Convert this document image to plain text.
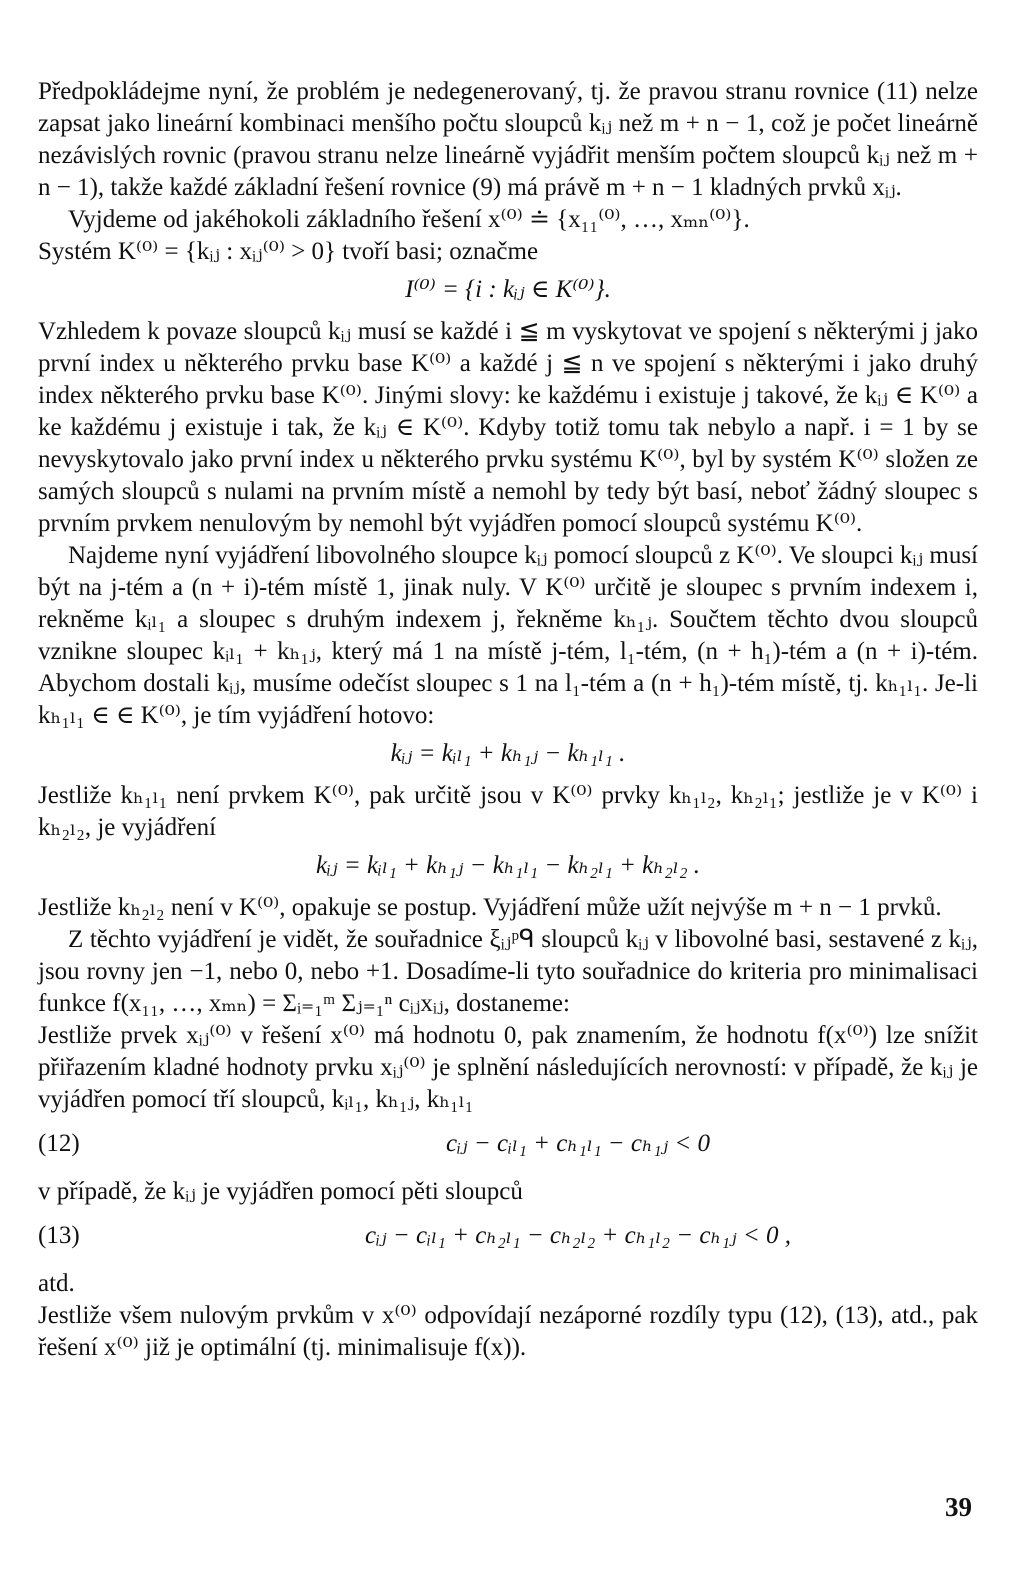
Předpokládejme nyní, že problém je nedegenerovaný, tj. že pravou stranu rovnice (11) nelze zapsat jako lineární kombinaci menšího počtu sloupců kᵢⱼ než m + n − 1, což je počet lineárně nezávislých rovnic (pravou stranu nelze lineárně vyjádřit menším počtem sloupců kᵢⱼ než m + n − 1), takže každé základní řešení rovnice (9) má právě m + n − 1 kladných prvků xᵢⱼ.

Vyjdeme od jakéhokoli základního řešení x⁽⁰⁾ ≐ {x₁₁⁽⁰⁾, …, xₘₙ⁽⁰⁾}.

Systém K⁽⁰⁾ = {kᵢⱼ : xᵢⱼ⁽⁰⁾ > 0} tvoří basi; označme

I⁽⁰⁾ = {i : kᵢⱼ ∈ K⁽⁰⁾}.

Vzhledem k povaze sloupců kᵢⱼ musí se každé i ≦ m vyskytovat ve spojení s některými j jako první index u některého prvku base K⁽⁰⁾ a každé j ≦ n ve spojení s některými i jako druhý index některého prvku base K⁽⁰⁾. Jinými slovy: ke každému i existuje j takové, že kᵢⱼ ∈ K⁽⁰⁾ a ke každému j existuje i tak, že kᵢⱼ ∈ K⁽⁰⁾. Kdyby totiž tomu tak nebylo a např. i = 1 by se nevyskytovalo jako první index u některého prvku systému K⁽⁰⁾, byl by systém K⁽⁰⁾ složen ze samých sloupců s nulami na prvním místě a nemohl by tedy být basí, neboť žádný sloupec s prvním prvkem nenulovým by nemohl být vyjádřen pomocí sloupců systému K⁽⁰⁾.

Najdeme nyní vyjádření libovolného sloupce kᵢⱼ pomocí sloupců z K⁽⁰⁾. Ve sloupci kᵢⱼ musí být na j-tém a (n + i)-tém místě 1, jinak nuly. V K⁽⁰⁾ určitě je sloupec s prvním indexem i, rekněme kᵢₗ₁ a sloupec s druhým indexem j, řekněme kₕ₁ⱼ. Součtem těchto dvou sloupců vznikne sloupec kᵢₗ₁ + kₕ₁ⱼ, který má 1 na místě j-tém, l₁-tém, (n + h₁)-tém a (n + i)-tém. Abychom dostali kᵢⱼ, musíme odečíst sloupec s 1 na l₁-tém a (n + h₁)-tém místě, tj. kₕ₁ₗ₁. Je-li kₕ₁ₗ₁ ∈ ∈ K⁽⁰⁾, je tím vyjádření hotovo:

kᵢⱼ = kᵢₗ₁ + kₕ₁ⱼ − kₕ₁ₗ₁ .

Jestliže kₕ₁ₗ₁ není prvkem K⁽⁰⁾, pak určitě jsou v K⁽⁰⁾ prvky kₕ₁ₗ₂, kₕ₂ₗ₁; jestliže je v K⁽⁰⁾ i kₕ₂ₗ₂, je vyjádření

kᵢⱼ = kᵢₗ₁ + kₕ₁ⱼ − kₕ₁ₗ₁ − kₕ₂ₗ₁ + kₕ₂ₗ₂ .

Jestliže kₕ₂ₗ₂ není v K⁽⁰⁾, opakuje se postup. Vyjádření může užít nejvýše m + n − 1 prvků.

Z těchto vyjádření je vidět, že souřadnice ξᵢⱼᵖᑫ sloupců kᵢⱼ v libovolné basi, sestavené z kᵢⱼ, jsou rovny jen −1, nebo 0, nebo +1. Dosadíme-li tyto souřadnice do kriteria pro minimalisaci funkce f(x₁₁, …, xₘₙ) = Σᵢ₌₁ᵐ Σⱼ₌₁ⁿ cᵢⱼxᵢⱼ, dostaneme:

Jestliže prvek xᵢⱼ⁽⁰⁾ v řešení x⁽⁰⁾ má hodnotu 0, pak znamením, že hodnotu f(x⁽⁰⁾) lze snížit přiřazením kladné hodnoty prvku xᵢⱼ⁽⁰⁾ je splnění následujících nerovností: v případě, že kᵢⱼ je vyjádřen pomocí tří sloupců, kᵢₗ₁, kₕ₁ⱼ, kₕ₁ₗ₁

(12)	cᵢⱼ − cᵢₗ₁ + cₕ₁ₗ₁ − cₕ₁ⱼ < 0

v případě, že kᵢⱼ je vyjádřen pomocí pěti sloupců

(13)	cᵢⱼ − cᵢₗ₁ + cₕ₂ₗ₁ − cₕ₂ₗ₂ + cₕ₁ₗ₂ − cₕ₁ⱼ < 0 ,

atd.

Jestliže všem nulovým prvkům v x⁽⁰⁾ odpovídají nezáporné rozdíly typu (12), (13), atd., pak řešení x⁽⁰⁾ již je optimální (tj. minimalisuje f(x)).

39
